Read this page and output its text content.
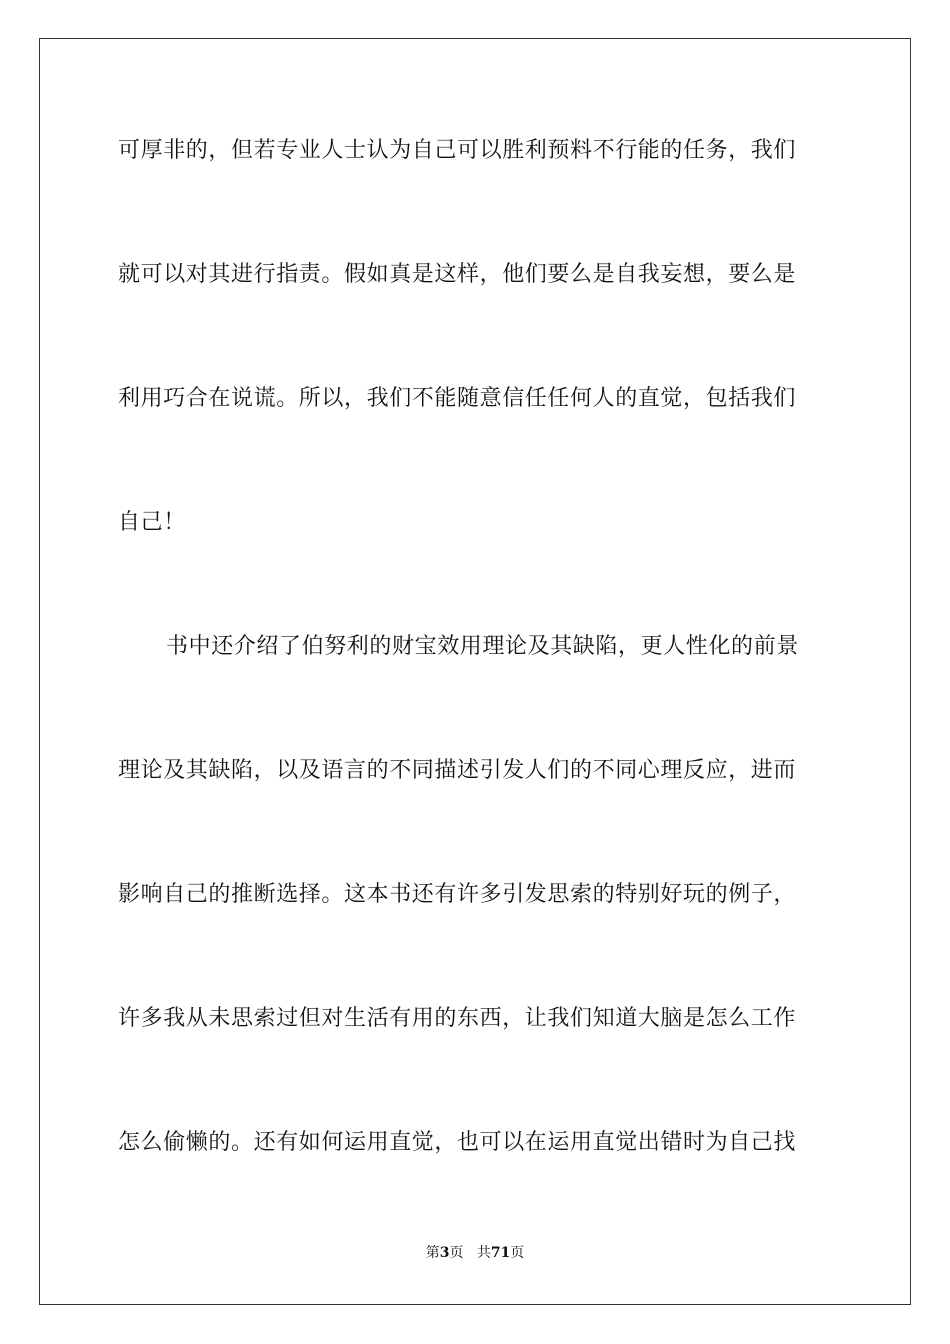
可厚非的，但若专业人士认为自己可以胜利预料不行能的任务，我们
就可以对其进行指责。假如真是这样，他们要么是自我妄想，要么是
利用巧合在说谎。所以，我们不能随意信任任何人的直觉，包括我们
自己！
书中还介绍了伯努利的财宝效用理论及其缺陷，更人性化的前景
理论及其缺陷，以及语言的不同描述引发人们的不同心理反应，进而
影响自己的推断选择。这本书还有许多引发思索的特别好玩的例子，
许多我从未思索过但对生活有用的东西，让我们知道大脑是怎么工作
怎么偷懒的。还有如何运用直觉，也可以在运用直觉出错时为自己找
第3页 共71页
